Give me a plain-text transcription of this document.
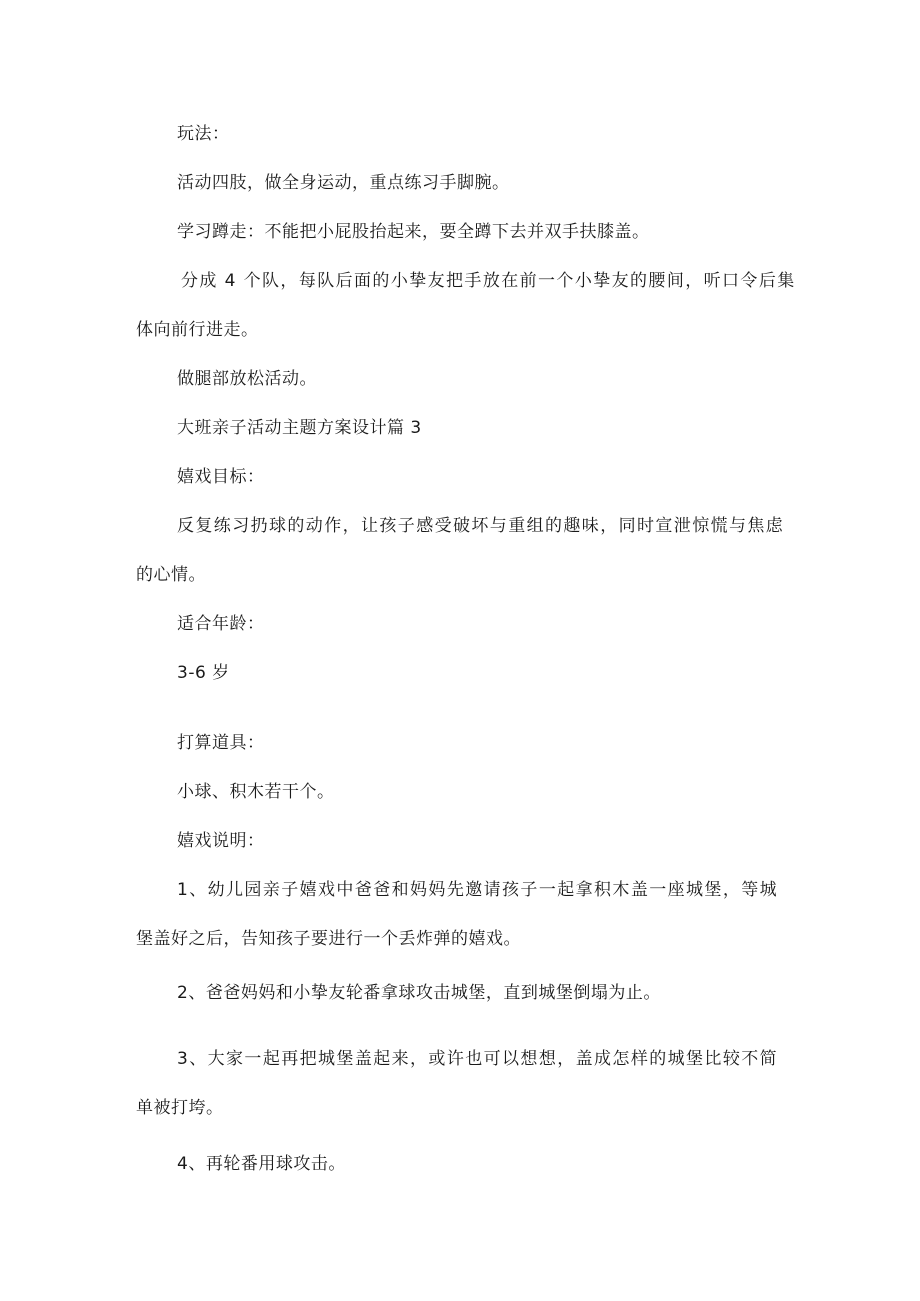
玩法：
活动四肢，做全身运动，重点练习手脚腕。
学习蹲走：不能把小屁股抬起来，要全蹲下去并双手扶膝盖。
分成 4 个队，每队后面的小挚友把手放在前一个小挚友的腰间，听口令后集
体向前行进走。
做腿部放松活动。
大班亲子活动主题方案设计篇 3
嬉戏目标：
反复练习扔球的动作，让孩子感受破坏与重组的趣味，同时宣泄惊慌与焦虑
的心情。
适合年龄：
3-6 岁
打算道具：
小球、积木若干个。
嬉戏说明：
1、幼儿园亲子嬉戏中爸爸和妈妈先邀请孩子一起拿积木盖一座城堡，等城
堡盖好之后，告知孩子要进行一个丢炸弹的嬉戏。
2、爸爸妈妈和小挚友轮番拿球攻击城堡，直到城堡倒塌为止。
3、大家一起再把城堡盖起来，或许也可以想想，盖成怎样的城堡比较不简
单被打垮。
4、再轮番用球攻击。
